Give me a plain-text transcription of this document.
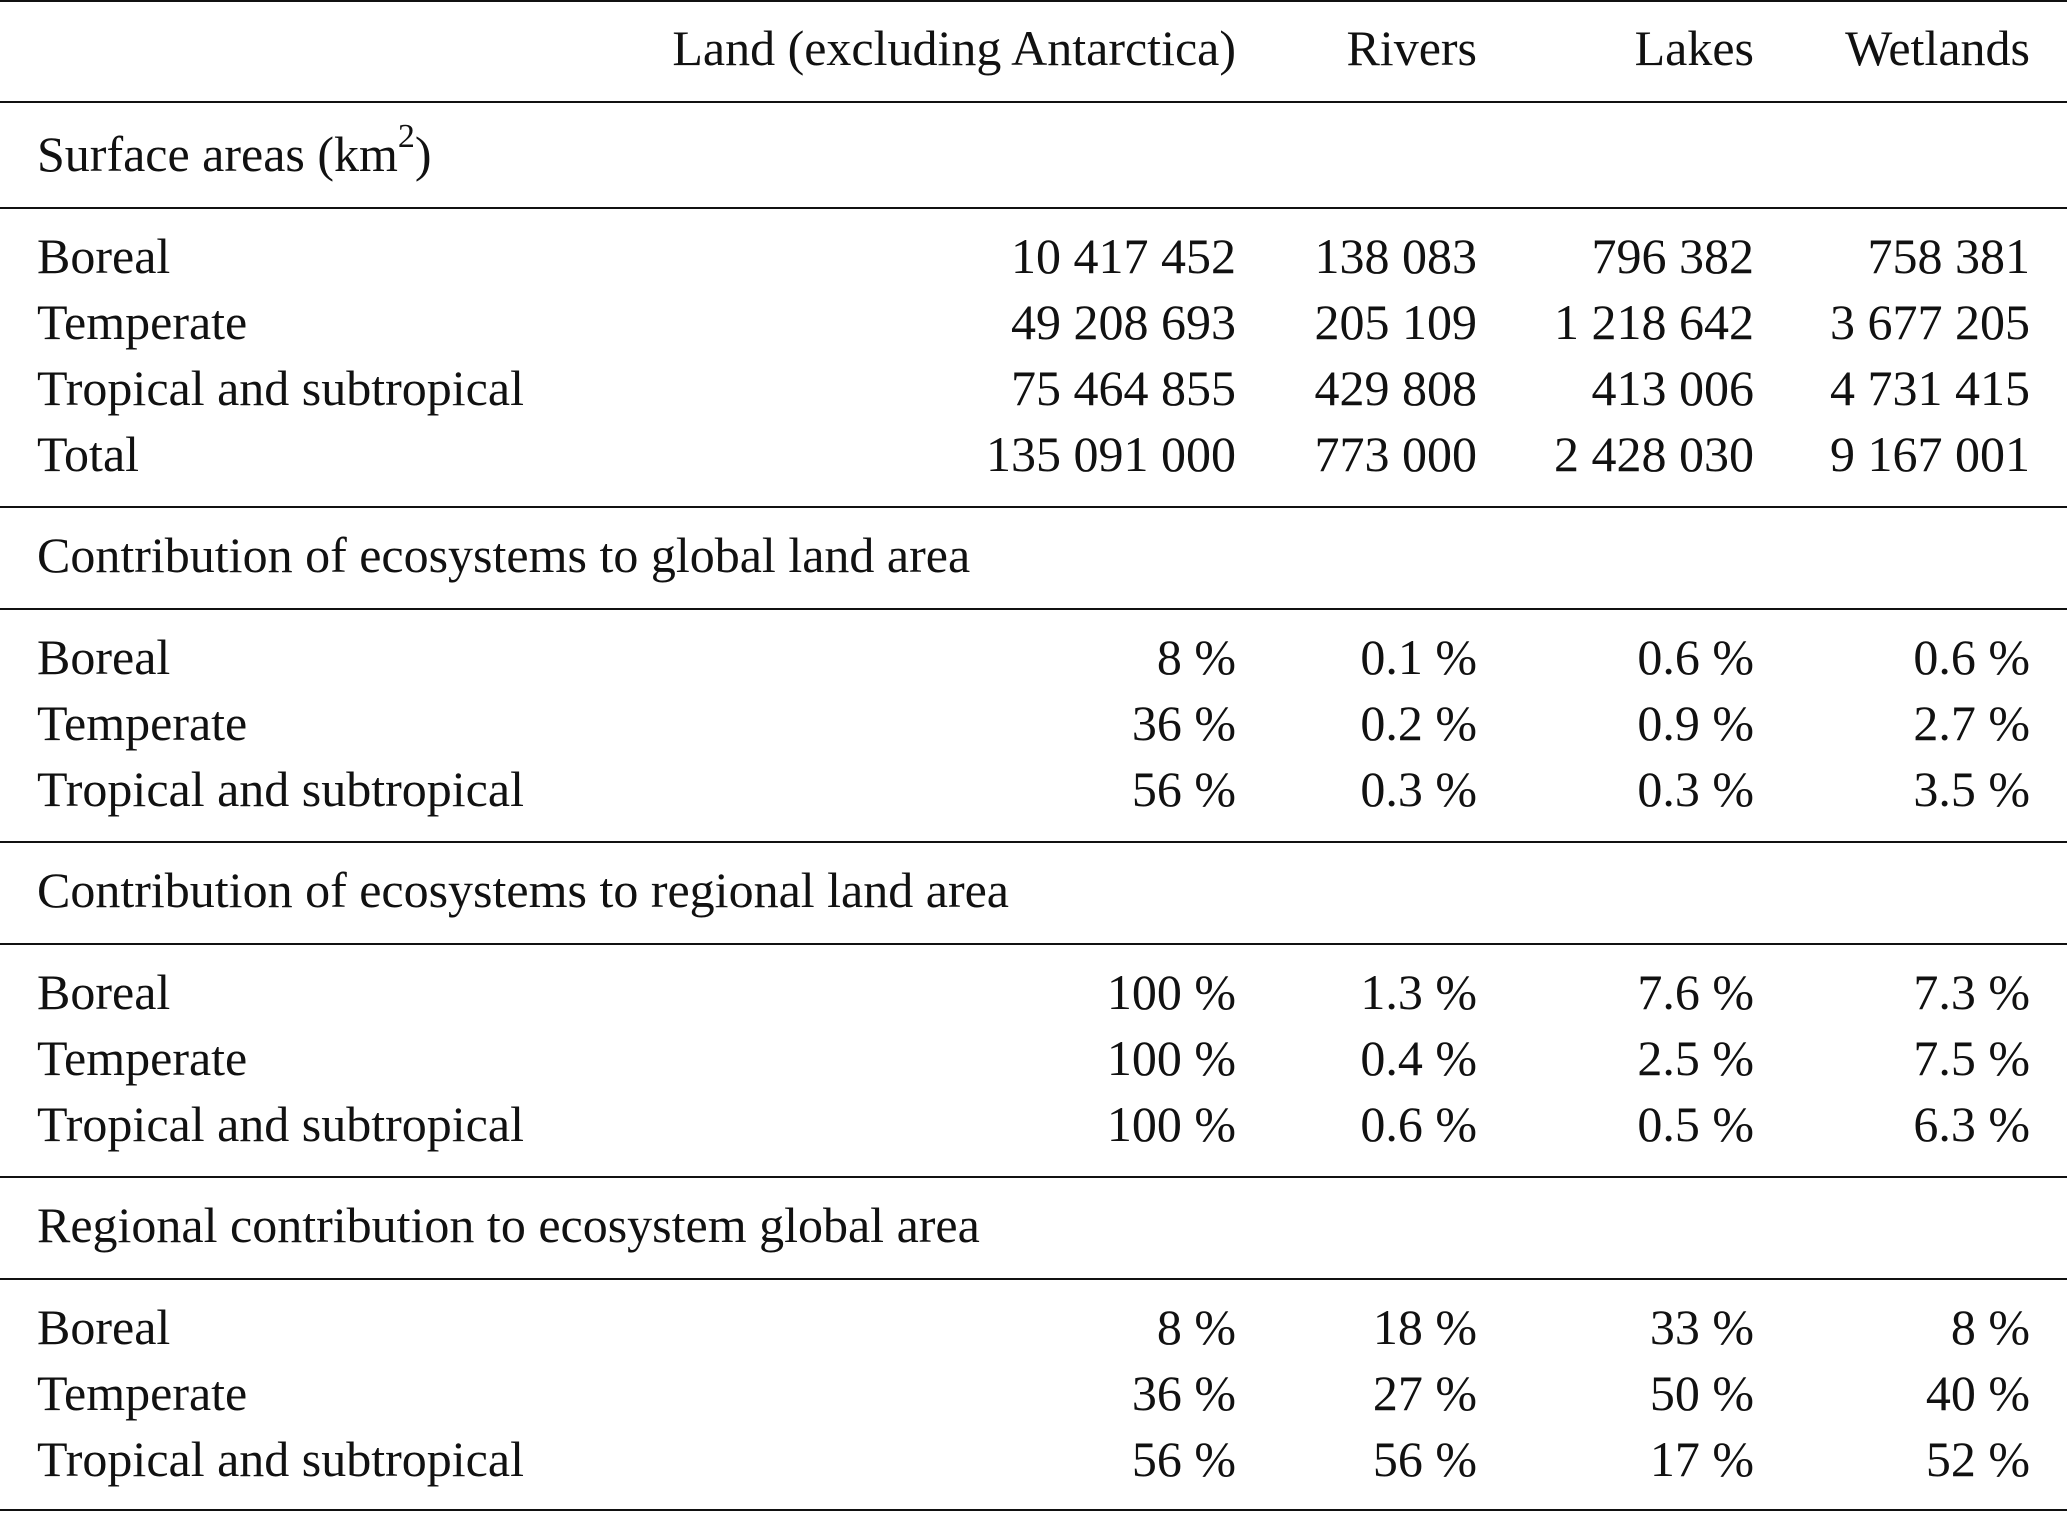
Land (excluding Antarctica)	Rivers	Lakes	Wetlands
Surface areas $(km^2)$
Boreal	10 417 452	138 083	796 382	758 381
Temperate	49 208 693	205 109	1 218 642	3 677 205
Tropical and subtropical	75 464 855	429 808	413 006	4 731 415
Total	135 091 000	773 000	2 428 030	9 167 001
Contribution of ecosystems to global land area
Boreal	8 %	0.1 %	0.6 %	0.6 %
Temperate	36 %	0.2 %	0.9 %	2.7 %
Tropical and subtropical	56 %	0.3 %	0.3 %	3.5 %
Contribution of ecosystems to regional land area
Boreal	100 %	1.3 %	7.6 %	7.3 %
Temperate	100 %	0.4 %	2.5 %	7.5 %
Tropical and subtropical	100 %	0.6 %	0.5 %	6.3 %
Regional contribution to ecosystem global area
Boreal	8 %	18 %	33 %	8 %
Temperate	36 %	27 %	50 %	40 %
Tropical and subtropical	56 %	56 %	17 %	52 %
